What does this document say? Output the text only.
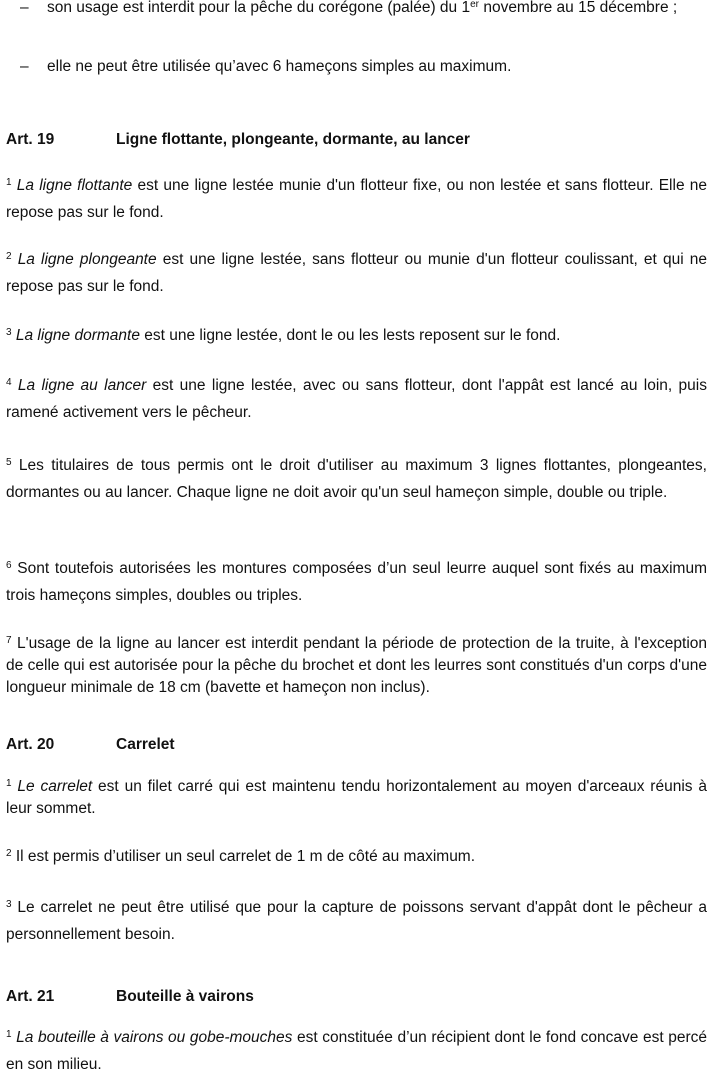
– son usage est interdit pour la pêche du corégone (palée) du 1er novembre au 15 décembre ;
– elle ne peut être utilisée qu’avec 6 hameçons simples au maximum.
Art. 19	Ligne flottante, plongeante, dormante, au lancer
$^1$ La ligne flottante est une ligne lestée munie d'un flotteur fixe, ou non lestée et sans flotteur. Elle ne repose pas sur le fond.
$^2$ La ligne plongeante est une ligne lestée, sans flotteur ou munie d'un flotteur coulissant, et qui ne repose pas sur le fond.
$^3$ La ligne dormante est une ligne lestée, dont le ou les lests reposent sur le fond.
$^4$ La ligne au lancer est une ligne lestée, avec ou sans flotteur, dont l'appât est lancé au loin, puis ramené activement vers le pêcheur.
$^5$ Les titulaires de tous permis ont le droit d'utiliser au maximum 3 lignes flottantes, plongeantes, dormantes ou au lancer. Chaque ligne ne doit avoir qu'un seul hameçon simple, double ou triple.
$^6$ Sont toutefois autorisées les montures composées d’un seul leurre auquel sont fixés au maximum trois hameçons simples, doubles ou triples.
$^7$ L'usage de la ligne au lancer est interdit pendant la période de protection de la truite, à l'exception de celle qui est autorisée pour la pêche du brochet et dont les leurres sont constitués d'un corps d'une longueur minimale de 18 cm (bavette et hameçon non inclus).
Art. 20	Carrelet
$^1$ Le carrelet est un filet carré qui est maintenu tendu horizontalement au moyen d'arceaux réunis à leur sommet.
$^2$ Il est permis d’utiliser un seul carrelet de 1 m de côté au maximum.
$^3$ Le carrelet ne peut être utilisé que pour la capture de poissons servant d'appât dont le pêcheur a personnellement besoin.
Art. 21	Bouteille à vairons
$^1$ La bouteille à vairons ou gobe-mouches est constituée d’un récipient dont le fond concave est percé en son milieu.
